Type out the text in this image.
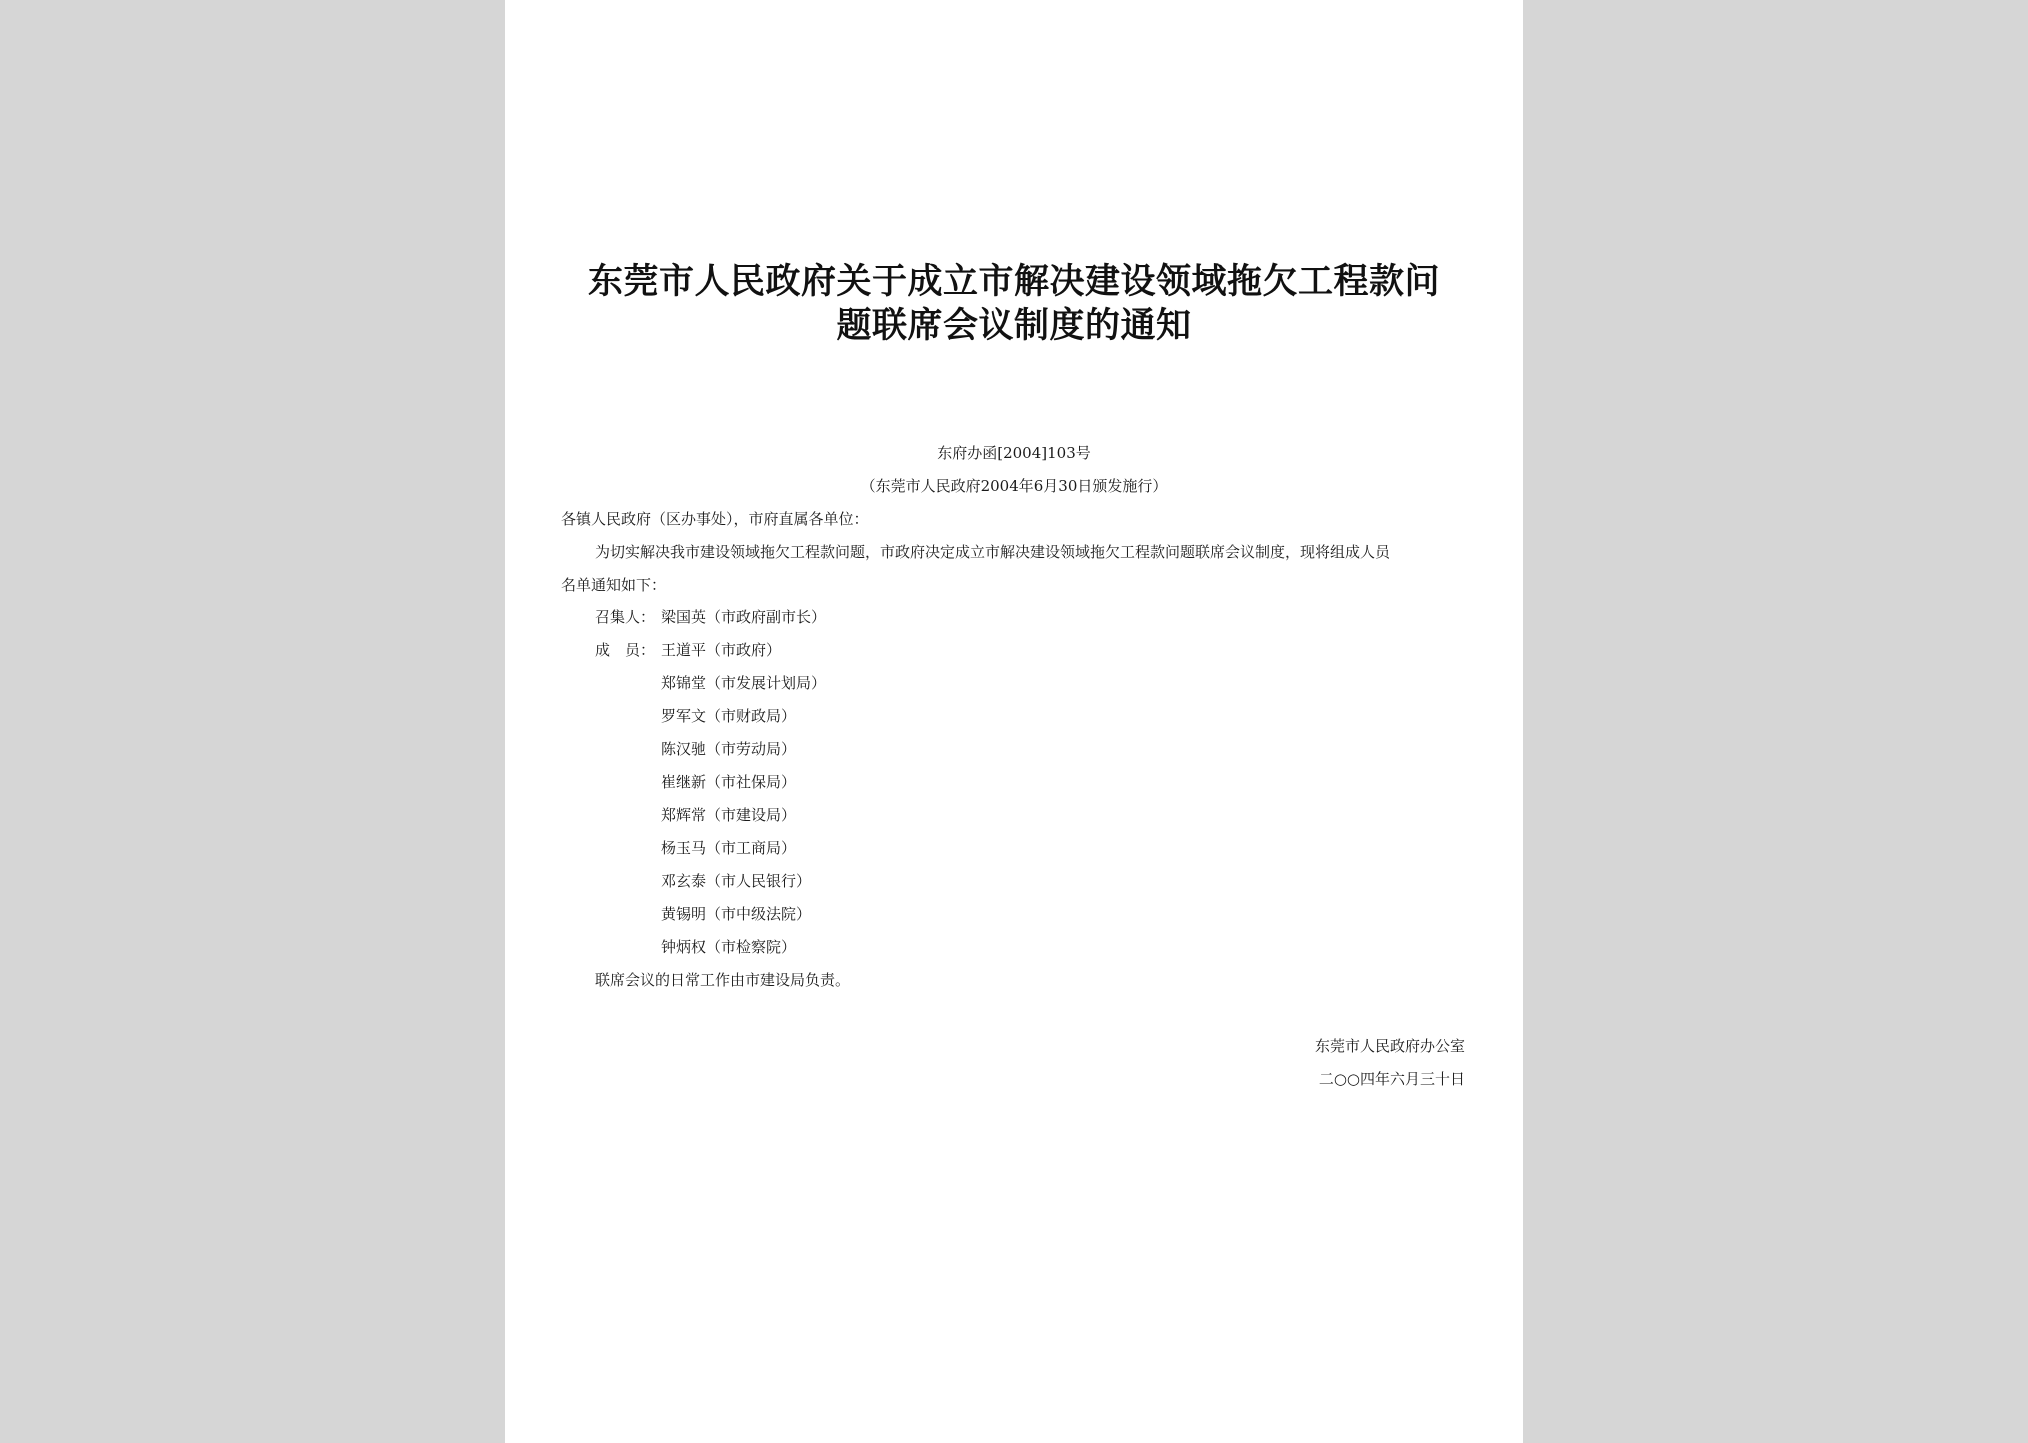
东莞市人民政府关于成立市解决建设领域拖欠工程款问
题联席会议制度的通知
东府办函[2004]103号
（东莞市人民政府2004年6月30日颁发施行）
各镇人民政府（区办事处），市府直属各单位：
为切实解决我市建设领域拖欠工程款问题，市政府决定成立市解决建设领域拖欠工程款问题联席会议制度，现将组成人员
名单通知如下：
召集人： 梁国英（市政府副市长）
成　员： 王道平（市政府）
郑锦堂（市发展计划局）
罗军文（市财政局）
陈汉驰（市劳动局）
崔继新（市社保局）
郑辉常（市建设局）
杨玉马（市工商局）
邓玄泰（市人民银行）
黄锡明（市中级法院）
钟炳权（市检察院）
联席会议的日常工作由市建设局负责。
东莞市人民政府办公室
二○○四年六月三十日
